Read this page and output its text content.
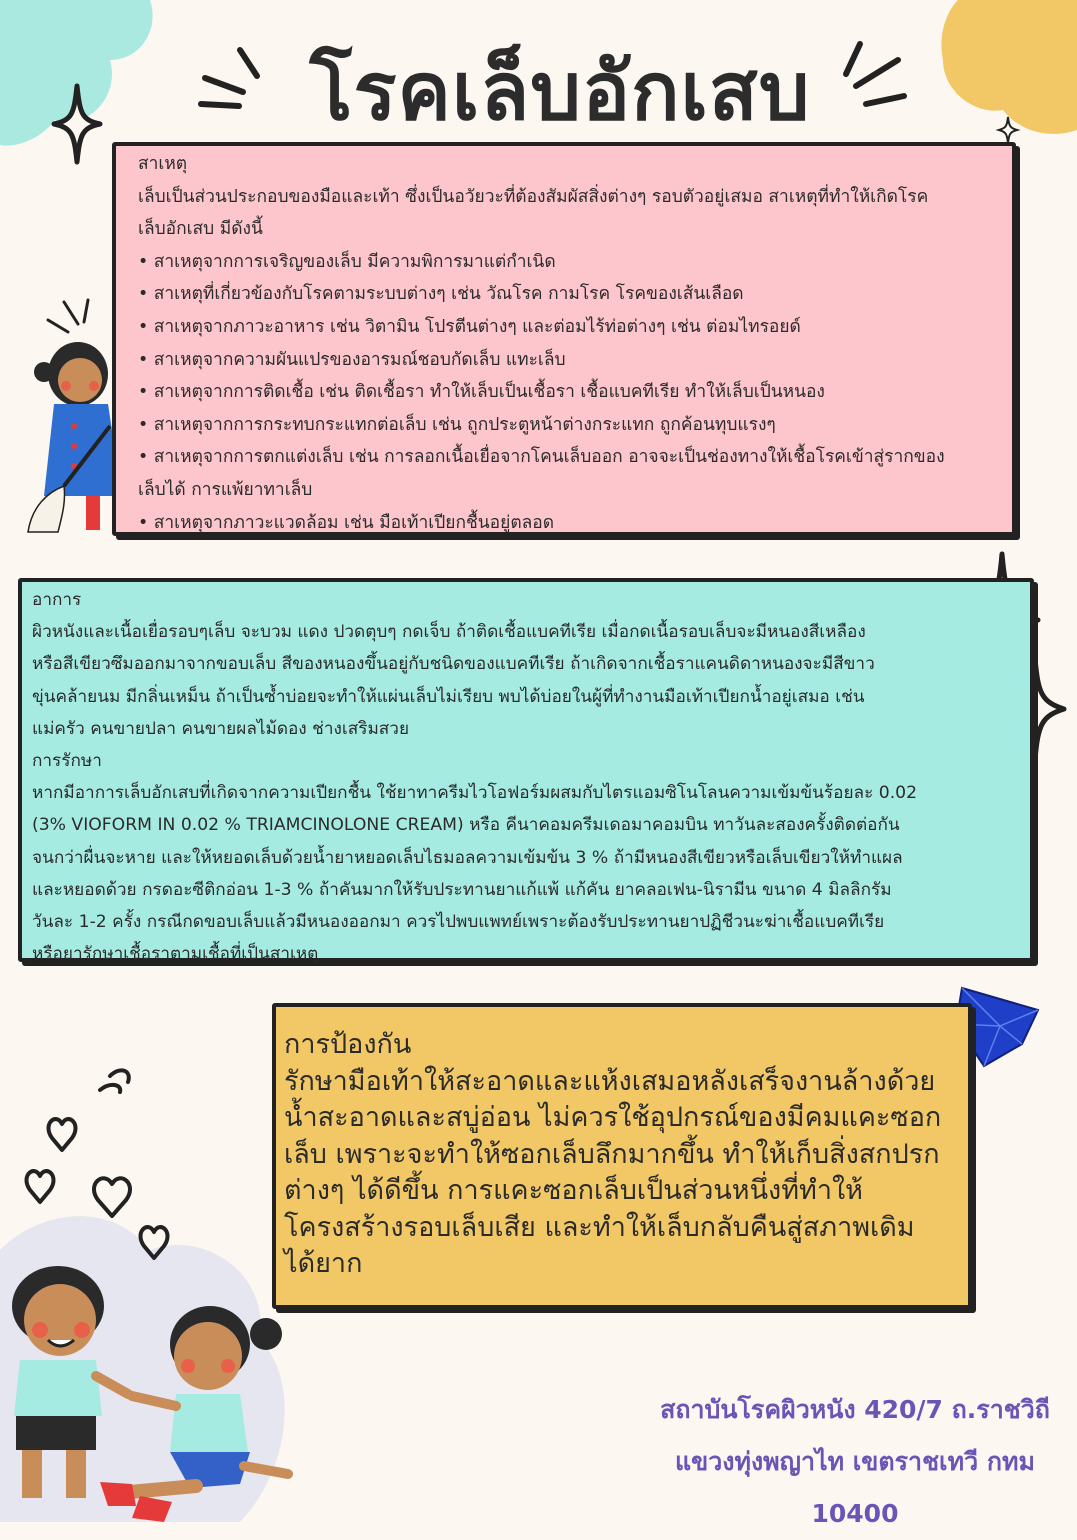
โรคเล็บอักเสบ
สาเหตุ
เล็บเป็นส่วนประกอบของมือและเท้า ซึ่งเป็นอวัยวะที่ต้องสัมผัสสิ่งต่างๆ รอบตัวอยู่เสมอ สาเหตุที่ทำให้เกิดโรค
เล็บอักเสบ มีดังนี้
• สาเหตุจากการเจริญของเล็บ มีความพิการมาแต่กำเนิด
• สาเหตุที่เกี่ยวข้องกับโรคตามระบบต่างๆ เช่น วัณโรค กามโรค โรคของเส้นเลือด
• สาเหตุจากภาวะอาหาร เช่น วิตามิน โปรตีนต่างๆ และต่อมไร้ท่อต่างๆ เช่น ต่อมไทรอยด์
• สาเหตุจากความผันแปรของอารมณ์ชอบกัดเล็บ แทะเล็บ
• สาเหตุจากการติดเชื้อ เช่น ติดเชื้อรา ทำให้เล็บเป็นเชื้อรา เชื้อแบคทีเรีย ทำให้เล็บเป็นหนอง
• สาเหตุจากการกระทบกระแทกต่อเล็บ เช่น ถูกประตูหน้าต่างกระแทก ถูกค้อนทุบแรงๆ
• สาเหตุจากการตกแต่งเล็บ เช่น การลอกเนื้อเยื่อจากโคนเล็บออก อาจจะเป็นช่องทางให้เชื้อโรคเข้าสู่รากของ
เล็บได้ การแพ้ยาทาเล็บ
• สาเหตุจากภาวะแวดล้อม เช่น มือเท้าเปียกชื้นอยู่ตลอด
อาการ
ผิวหนังและเนื้อเยื่อรอบๆเล็บ จะบวม แดง ปวดตุบๆ กดเจ็บ ถ้าติดเชื้อแบคทีเรีย เมื่อกดเนื้อรอบเล็บจะมีหนองสีเหลือง
หรือสีเขียวซึมออกมาจากขอบเล็บ สีของหนองขึ้นอยู่กับชนิดของแบคทีเรีย ถ้าเกิดจากเชื้อราแคนดิดาหนองจะมีสีขาว
ขุ่นคล้ายนม มีกลิ่นเหม็น ถ้าเป็นซ้ำบ่อยจะทำให้แผ่นเล็บไม่เรียบ พบได้บ่อยในผู้ที่ทำงานมือเท้าเปียกน้ำอยู่เสมอ เช่น
แม่ครัว คนขายปลา คนขายผลไม้ดอง ช่างเสริมสวย
การรักษา
หากมีอาการเล็บอักเสบที่เกิดจากความเปียกชื้น ใช้ยาทาครีมไวโอฟอร์มผสมกับไตรแอมซิโนโลนความเข้มข้นร้อยละ 0.02
(3% VIOFORM IN 0.02 % TRIAMCINOLONE CREAM) หรือ คีนาคอมครีมเดอมาคอมบิน ทาวันละสองครั้งติดต่อกัน
จนกว่าผื่นจะหาย และให้หยอดเล็บด้วยน้ำยาหยอดเล็บไธมอลความเข้มข้น 3 % ถ้ามีหนองสีเขียวหรือเล็บเขียวให้ทำแผล
และหยอดด้วย กรดอะซีติกอ่อน 1-3 % ถ้าคันมากให้รับประทานยาแก้แพ้ แก้คัน ยาคลอเฟน-นิรามีน ขนาด 4 มิลลิกรัม
วันละ 1-2 ครั้ง กรณีกดขอบเล็บแล้วมีหนองออกมา ควรไปพบแพทย์เพราะต้องรับประทานยาปฏิชีวนะฆ่าเชื้อแบคทีเรีย
หรือยารักษาเชื้อราตามเชื้อที่เป็นสาเหตุ
การป้องกัน
รักษามือเท้าให้สะอาดและแห้งเสมอหลังเสร็จงานล้างด้วย
น้ำสะอาดและสบู่อ่อน ไม่ควรใช้อุปกรณ์ของมีคมแคะซอก
เล็บ เพราะจะทำให้ซอกเล็บลึกมากขึ้น ทำให้เก็บสิ่งสกปรก
ต่างๆ ได้ดีขึ้น การแคะซอกเล็บเป็นส่วนหนึ่งที่ทำให้
โครงสร้างรอบเล็บเสีย และทำให้เล็บกลับคืนสู่สภาพเดิม
ได้ยาก
สถาบันโรคผิวหนัง 420/7 ถ.ราชวิถี
แขวงทุ่งพญาไท เขตราชเทวี กทม
10400
